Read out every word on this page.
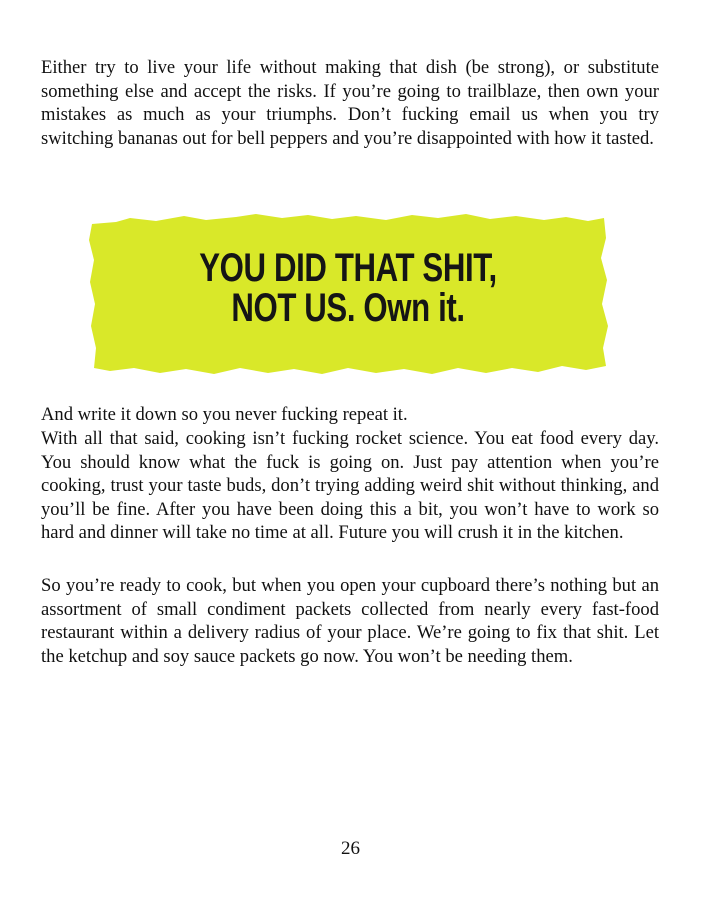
Either try to live your life without making that dish (be strong), or substitute something else and accept the risks. If you’re going to trailblaze, then own your mistakes as much as your triumphs. Don’t fucking email us when you try switching bananas out for bell peppers and you’re disappointed with how it tasted.

YOU DID THAT SHIT,
NOT US. Own it.

And write it down so you never fucking repeat it.

With all that said, cooking isn’t fucking rocket science. You eat food every day. You should know what the fuck is going on. Just pay attention when you’re cooking, trust your taste buds, don’t trying adding weird shit without thinking, and you’ll be fine. After you have been doing this a bit, you won’t have to work so hard and dinner will take no time at all. Future you will crush it in the kitchen.

So you’re ready to cook, but when you open your cupboard there’s nothing but an assortment of small condiment packets collected from nearly every fast-food restaurant within a delivery radius of your place. We’re going to fix that shit. Let the ketchup and soy sauce packets go now. You won’t be needing them.

26
